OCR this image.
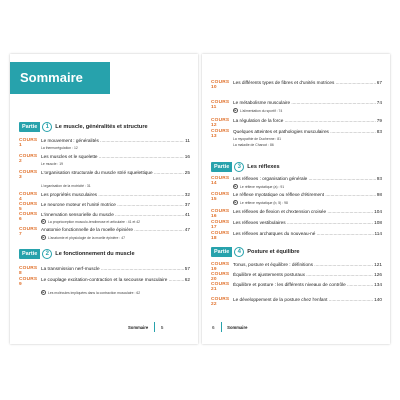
Sommaire
Partie	1	Le muscle, généralités et structure
COURS 1
Le mouvement : généralités .....	11
La thermorégulation : 12
COURS 2
Les muscles et le squelette .....	16
Le muscle : 19
COURS 3
L'organisation structurale du muscle strié squelettique .....	25
L'organisation de la motricité : 31
COURS 4
Les propriétés musculaires .....	32
COURS 5
Le neurone moteur et l'unité motrice .....	37
COURS 6
L'innervation sensorielle du muscle .....	41
▶	La proprioception musculo-tendineuse et articulaire : 41 et 42
COURS 7
Anatomie fonctionnelle de la moelle épinière .....	47
▶	L'anatomie et physiologie de la moelle épinière : 47
Partie	2	Le fonctionnement du muscle
COURS 8
La transmission nerf-muscle .....	57
COURS 9
Le couplage excitation-contraction et la secousse musculaire .....	62
▶	Les molécules impliquées dans la contraction musculaire : 62
Sommaire	5
COURS 10
Les différents types de fibres et d'unités motrices .....	67
COURS 11
Le métabolisme musculaire .....	74
▶	L'alimentation du sportif : 74
COURS 12
La régulation de la force .....	79
COURS 13
Quelques atteintes et pathologies musculaires .....	83
La myopathie de Duchenne : 81
La maladie de Charcot : 86
Partie	3	Les réflexes
COURS 14
Les réflexes : organisation générale .....	93
▶	Le réflexe myotatique (a) : 91
COURS 15
Le réflexe myotatique ou réflexe d'étirement .....	98
▶	Le réflexe myotatique (b, 5) : 98
COURS 16
Les réflexes de flexion et d'extension croisée .....	104
COURS 17
Les réflexes vestibulaires .....	108
COURS 18
Les réflexes archaïques du nouveau-né .....	114
Partie	4	Posture et équilibre
COURS 19
Tonus, posture et équilibre : définitions .....	121
COURS 20
Équilibre et ajustements posturaux .....	126
COURS 21
Équilibre et posture : les différents niveaux de contrôle .....	134
COURS 22
Le développement de la posture chez l'enfant .....	140
6	Sommaire
